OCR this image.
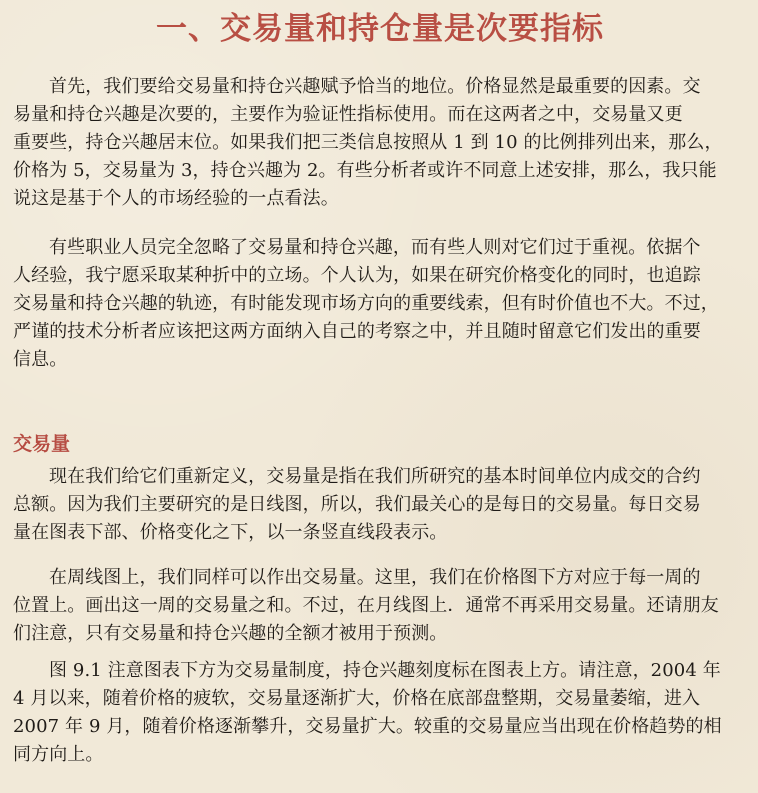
一、交易量和持仓量是次要指标

首先，我们要给交易量和持仓兴趣赋予恰当的地位。价格显然是最重要的因素。交
易量和持仓兴趣是次要的，主要作为验证性指标使用。而在这两者之中，交易量又更
重要些，持仓兴趣居末位。如果我们把三类信息按照从 1 到 10 的比例排列出来，那么，
价格为 5，交易量为 3，持仓兴趣为 2。有些分析者或许不同意上述安排，那么，我只能
说这是基于个人的市场经验的一点看法。

有些职业人员完全忽略了交易量和持仓兴趣，而有些人则对它们过于重视。依据个
人经验，我宁愿采取某种折中的立场。个人认为，如果在研究价格变化的同时，也追踪
交易量和持仓兴趣的轨迹，有时能发现市场方向的重要线索，但有时价值也不大。不过，
严谨的技术分析者应该把这两方面纳入自己的考察之中，并且随时留意它们发出的重要
信息。

交易量

现在我们给它们重新定义，交易量是指在我们所研究的基本时间单位内成交的合约
总额。因为我们主要研究的是日线图，所以，我们最关心的是每日的交易量。每日交易
量在图表下部、价格变化之下，以一条竖直线段表示。

在周线图上，我们同样可以作出交易量。这里，我们在价格图下方对应于每一周的
位置上。画出这一周的交易量之和。不过，在月线图上．通常不再采用交易量。还请朋友
们注意，只有交易量和持仓兴趣的全额才被用于预测。

图 9.1 注意图表下方为交易量制度，持仓兴趣刻度标在图表上方。请注意，2004 年
4 月以来，随着价格的疲软，交易量逐渐扩大，价格在底部盘整期，交易量萎缩，进入
2007 年 9 月，随着价格逐渐攀升，交易量扩大。较重的交易量应当出现在价格趋势的相
同方向上。
